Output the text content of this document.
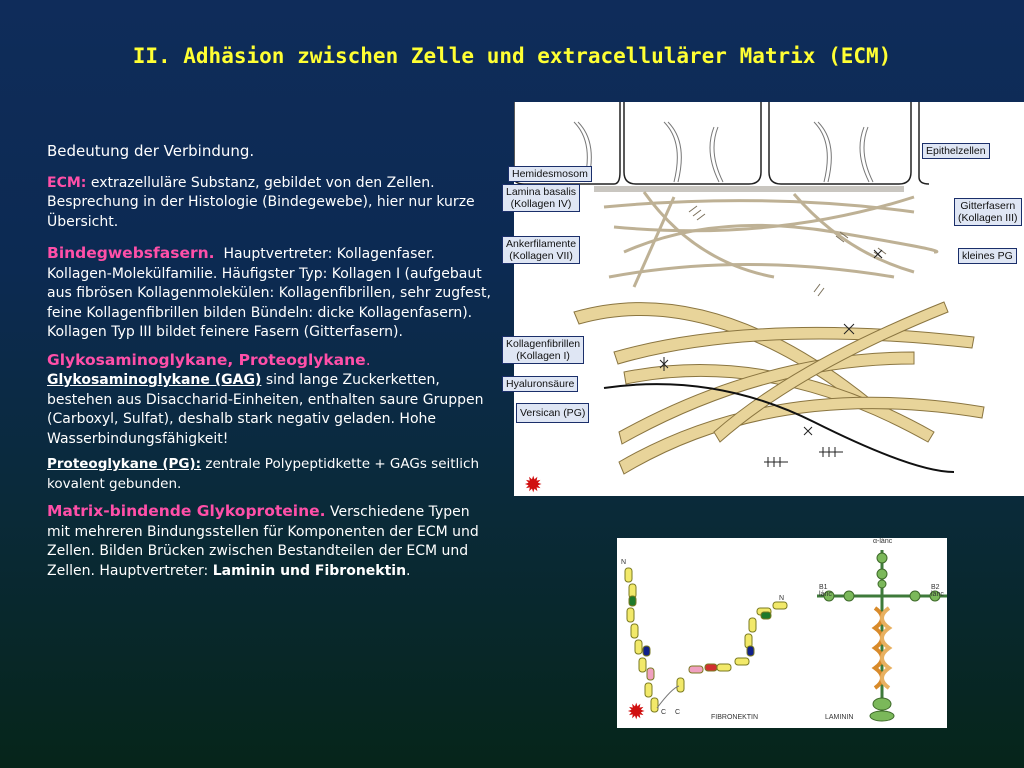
II. Adhäsion zwischen Zelle und extracellulärer Matrix (ECM)

Bedeutung der Verbindung.

ECM: extrazelluläre Substanz, gebildet von den Zellen. Besprechung in der Histologie (Bindegewebe), hier nur kurze Übersicht.

Bindegwebsfasern. Hauptvertreter: Kollagenfaser. Kollagen-Molekülfamilie. Häufigster Typ: Kollagen I (aufgebaut aus fibrösen Kollagenmolekülen: Kollagenfibrillen, sehr zugfest, feine Kollagenfibrillen bilden Bündeln: dicke Kollagenfasern). Kollagen Typ III bildet feinere Fasern (Gitterfasern).

Glykosaminoglykane, Proteoglykane.
Glykosaminoglykane (GAG) sind lange Zuckerketten, bestehen aus Disaccharid-Einheiten, enthalten saure Gruppen (Carboxyl, Sulfat), deshalb stark negativ geladen. Hohe Wasserbindungsfähigkeit!

Proteoglykane (PG): zentrale Polypeptidkette + GAGs seitlich kovalent gebunden.

Matrix-bindende Glykoproteine. Verschiedene Typen mit mehreren Bindungsstellen für Komponenten der ECM und Zellen. Bilden Brücken zwischen Bestandteilen der ECM und Zellen. Hauptvertreter: Laminin und Fibronektin.

Hemidesmosom
Lamina basalis
(Kollagen IV)
Ankerfilamente
(Kollagen VII)
Kollagenfibrillen
(Kollagen I)
Hyaluronsäure
Versican (PG)
Epithelzellen
Gitterfasern
(Kollagen III)
kleines PG
✹
N
N
C C
α-lánc
B1
lánc
B2
lánc
FIBRONEKTIN	LAMININ
✹
